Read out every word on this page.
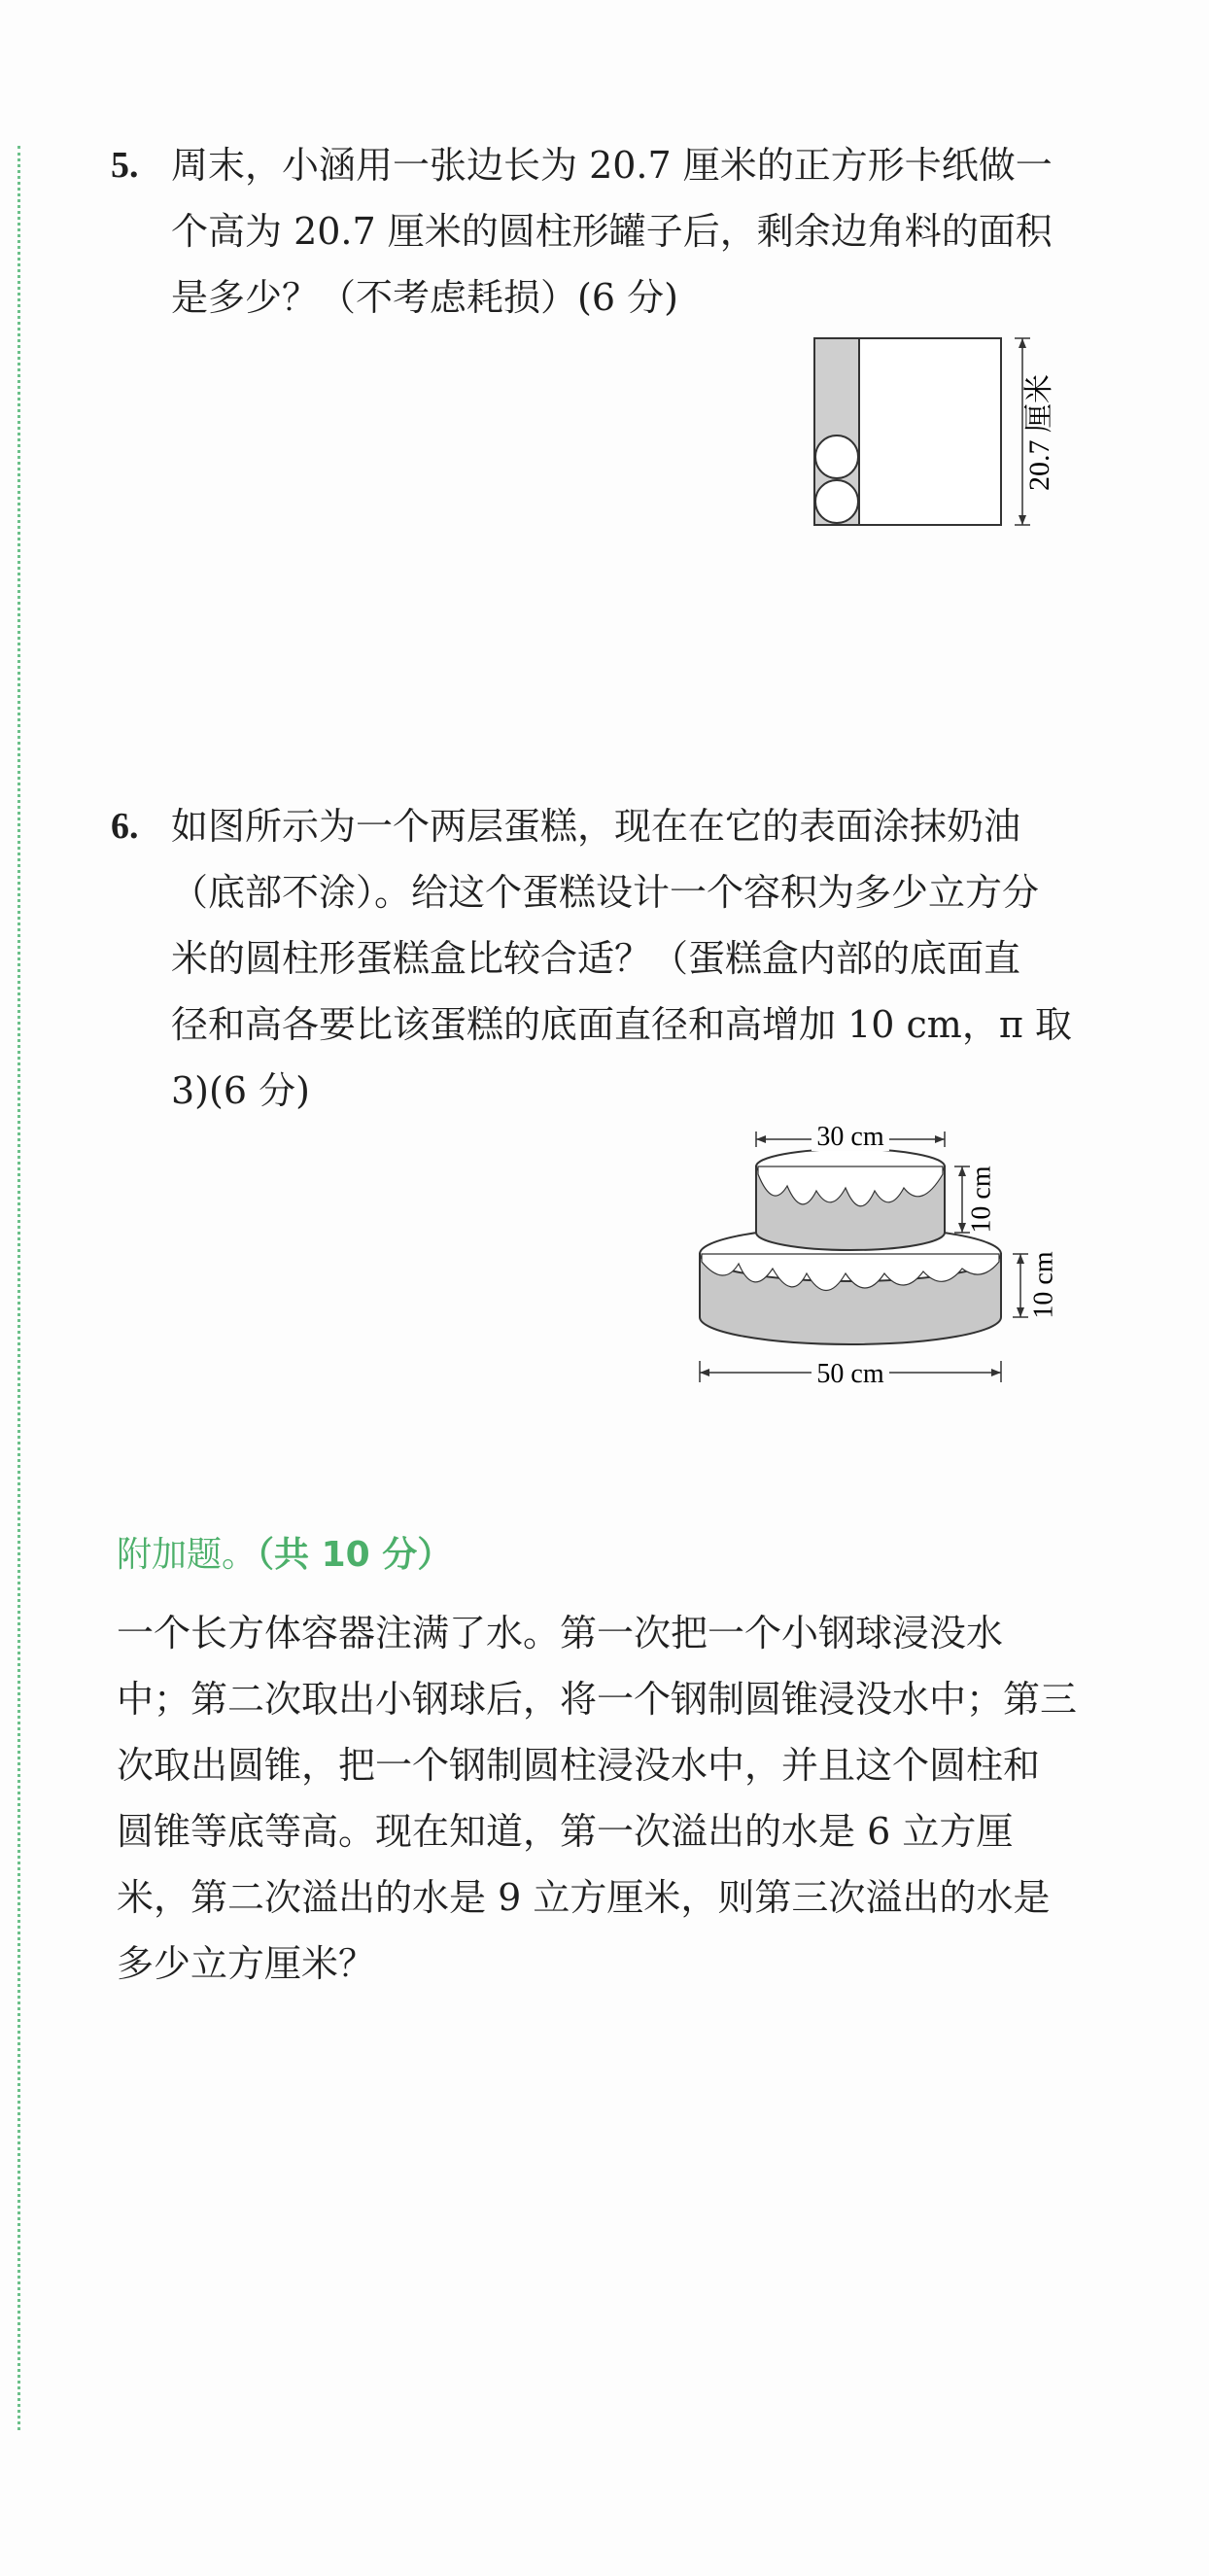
5. 周末，小涵用一张边长为 20.7 厘米的正方形卡纸做一
个高为 20.7 厘米的圆柱形罐子后，剩余边角料的面积
是多少？（不考虑耗损）(6 分)
20.7 厘米
6. 如图所示为一个两层蛋糕，现在在它的表面涂抹奶油
（底部不涂）。给这个蛋糕设计一个容积为多少立方分
米的圆柱形蛋糕盒比较合适？（蛋糕盒内部的底面直
径和高各要比该蛋糕的底面直径和高增加 10 cm，π 取
3)(6 分)
30 cm
10 cm
10 cm
50 cm
附加题。（共 10 分）
一个长方体容器注满了水。第一次把一个小钢球浸没水
中；第二次取出小钢球后，将一个钢制圆锥浸没水中；第三
次取出圆锥，把一个钢制圆柱浸没水中，并且这个圆柱和
圆锥等底等高。现在知道，第一次溢出的水是 6 立方厘
米，第二次溢出的水是 9 立方厘米，则第三次溢出的水是
多少立方厘米？
